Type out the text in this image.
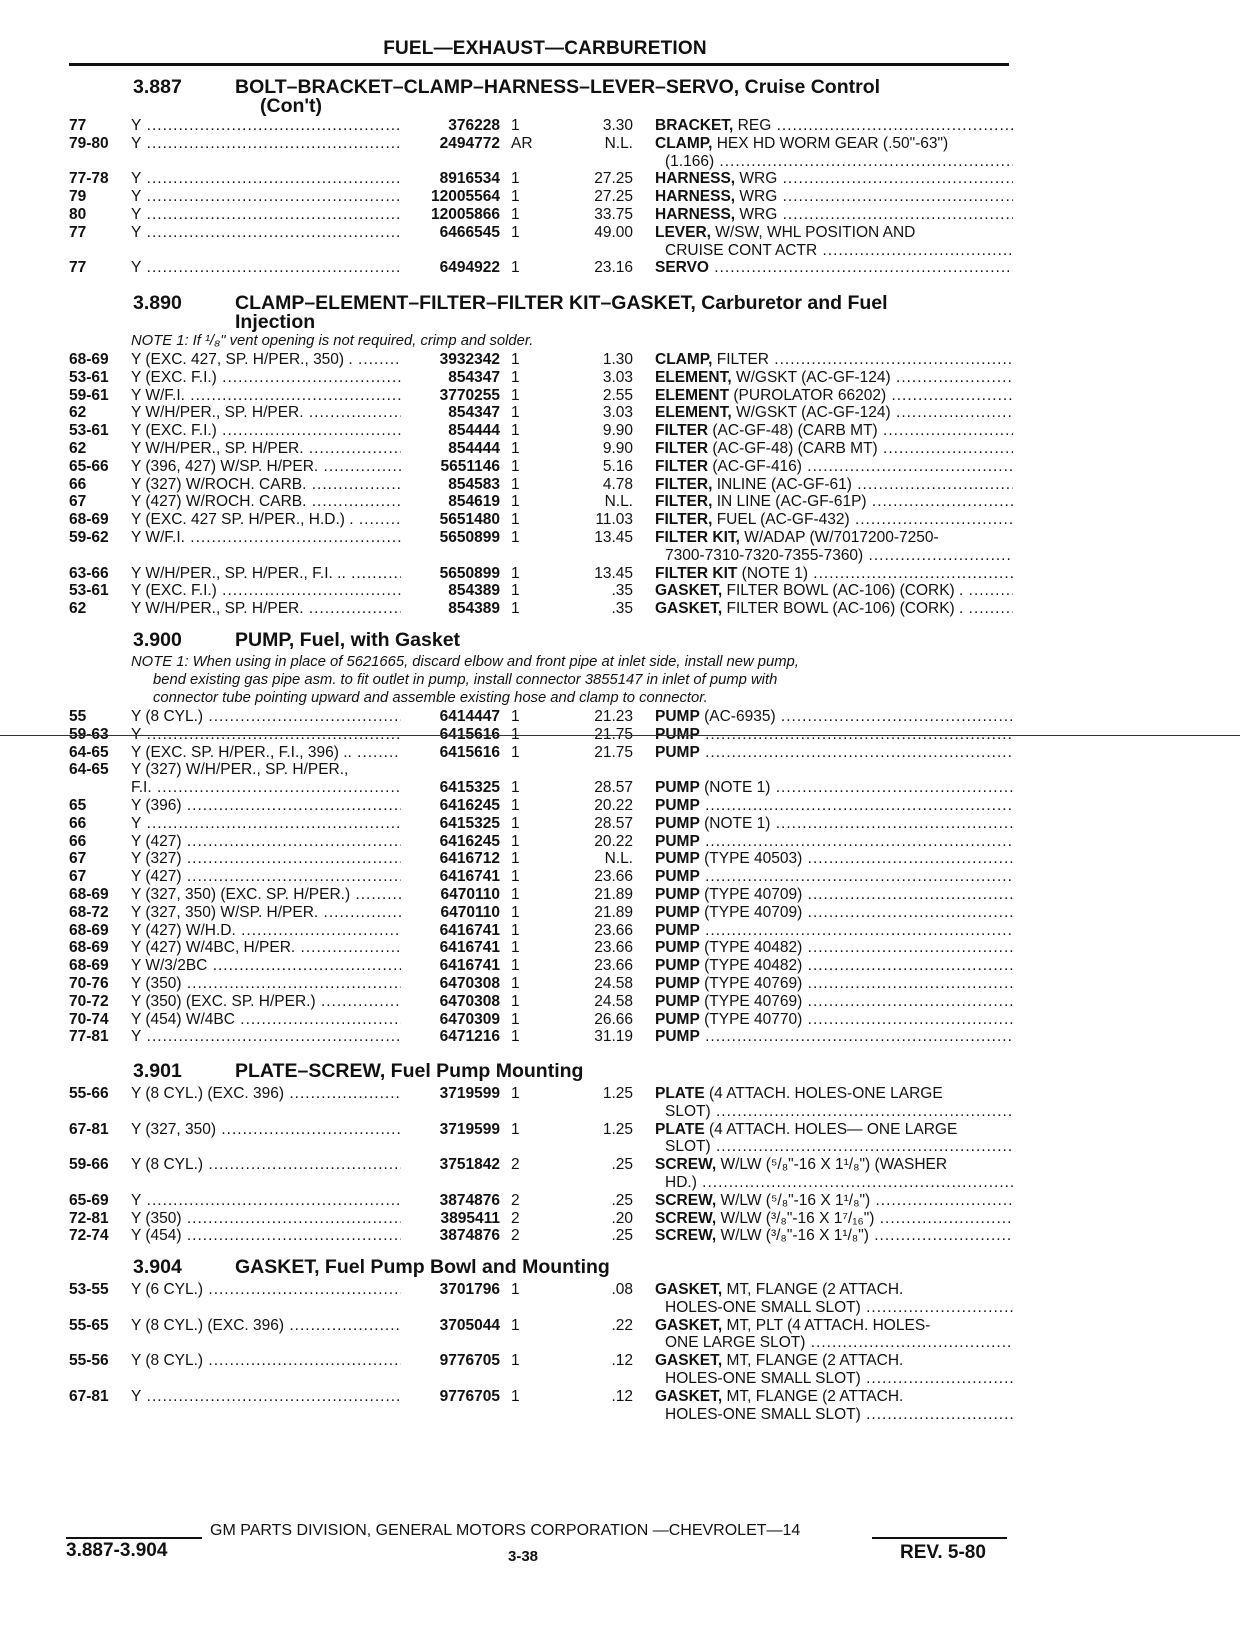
FUEL—EXHAUST—CARBURETION
3.887	BOLT–BRACKET–CLAMP–HARNESS–LEVER–SERVO, Cruise Control
(Con't)
77	Y .....	376228 1	3.30 BRACKET, REG .....
79-80	Y .....	2494772 AR	N.L. CLAMP, HEX HD WORM GEAR (.50"-63")
(1.166) .....
77-78	Y .....	8916534 1	27.25 HARNESS, WRG .....
79	Y .....	12005564 1	27.25 HARNESS, WRG .....
80	Y .....	12005866 1	33.75 HARNESS, WRG .....
77	Y .....	6466545 1	49.00 LEVER, W/SW, WHL POSITION AND
CRUISE CONT ACTR .....
77	Y .....	6494922 1	23.16 SERVO .....
3.890	CLAMP–ELEMENT–FILTER–FILTER KIT–GASKET, Carburetor and Fuel
Injection
NOTE 1: If ¹/₈" vent opening is not required, crimp and solder.
68-69	Y (EXC. 427, SP. H/PER., 350) . .....	3932342 1	1.30 CLAMP, FILTER .....
53-61	Y (EXC. F.I.) .....	854347 1	3.03 ELEMENT, W/GSKT (AC-GF-124) .....
59-61	Y W/F.I. .....	3770255 1	2.55 ELEMENT (PUROLATOR 66202) .....
62	Y W/H/PER., SP. H/PER. .....	854347 1	3.03 ELEMENT, W/GSKT (AC-GF-124) .....
53-61	Y (EXC. F.I.) .....	854444 1	9.90 FILTER (AC-GF-48) (CARB MT) .....
62	Y W/H/PER., SP. H/PER. .....	854444 1	9.90 FILTER (AC-GF-48) (CARB MT) .....
65-66	Y (396, 427) W/SP. H/PER. .....	5651146 1	5.16 FILTER (AC-GF-416) .....
66	Y (327) W/ROCH. CARB. .....	854583 1	4.78 FILTER, INLINE (AC-GF-61) .....
67	Y (427) W/ROCH. CARB. .....	854619 1	N.L. FILTER, IN LINE (AC-GF-61P) .....
68-69	Y (EXC. 427 SP. H/PER., H.D.) . .....	5651480 1	11.03 FILTER, FUEL (AC-GF-432) .....
59-62	Y W/F.I. .....	5650899 1	13.45 FILTER KIT, W/ADAP (W/7017200-7250-
7300-7310-7320-7355-7360) .....
63-66	Y W/H/PER., SP. H/PER., F.I. .. .....	5650899 1	13.45 FILTER KIT (NOTE 1) .....
53-61	Y (EXC. F.I.) .....	854389 1	.35 GASKET, FILTER BOWL (AC-106) (CORK) . .....
62	Y W/H/PER., SP. H/PER. .....	854389 1	.35 GASKET, FILTER BOWL (AC-106) (CORK) . .....
3.900	PUMP, Fuel, with Gasket
NOTE 1: When using in place of 5621665, discard elbow and front pipe at inlet side, install new pump,
bend existing gas pipe asm. to fit outlet in pump, install connector 3855147 in inlet of pump with
connector tube pointing upward and assemble existing hose and clamp to connector.
55	Y (8 CYL.) .....	6414447 1	21.23 PUMP (AC-6935) .....
59-63	Y .....	6415616 1	21.75 PUMP .....
64-65	Y (EXC. SP. H/PER., F.I., 396) .. .....	6415616 1	21.75 PUMP .....
64-65	Y (327) W/H/PER., SP. H/PER.,
F.I. .....	6415325 1	28.57 PUMP (NOTE 1) .....
65	Y (396) .....	6416245 1	20.22 PUMP .....
66	Y .....	6415325 1	28.57 PUMP (NOTE 1) .....
66	Y (427) .....	6416245 1	20.22 PUMP .....
67	Y (327) .....	6416712 1	N.L. PUMP (TYPE 40503) .....
67	Y (427) .....	6416741 1	23.66 PUMP .....
68-69	Y (327, 350) (EXC. SP. H/PER.) .....	6470110 1	21.89 PUMP (TYPE 40709) .....
68-72	Y (327, 350) W/SP. H/PER. .....	6470110 1	21.89 PUMP (TYPE 40709) .....
68-69	Y (427) W/H.D. .....	6416741 1	23.66 PUMP .....
68-69	Y (427) W/4BC, H/PER. .....	6416741 1	23.66 PUMP (TYPE 40482) .....
68-69	Y W/3/2BC .....	6416741 1	23.66 PUMP (TYPE 40482) .....
70-76	Y (350) .....	6470308 1	24.58 PUMP (TYPE 40769) .....
70-72	Y (350) (EXC. SP. H/PER.) .....	6470308 1	24.58 PUMP (TYPE 40769) .....
70-74	Y (454) W/4BC .....	6470309 1	26.66 PUMP (TYPE 40770) .....
77-81	Y .....	6471216 1	31.19 PUMP .....
3.901	PLATE–SCREW, Fuel Pump Mounting
55-66	Y (8 CYL.) (EXC. 396) .....	3719599 1	1.25 PLATE (4 ATTACH. HOLES-ONE LARGE
SLOT) .....
67-81	Y (327, 350) .....	3719599 1	1.25 PLATE (4 ATTACH. HOLES— ONE LARGE
SLOT) .....
59-66	Y (8 CYL.) .....	3751842 2	.25 SCREW, W/LW (⁵/₈"-16 X 1¹/₈") (WASHER
HD.) .....
65-69	Y .....	3874876 2	.25 SCREW, W/LW (⁵/₈"-16 X 1¹/₈") .....
72-81	Y (350) .....	3895411 2	.20 SCREW, W/LW (³/₈"-16 X 1⁷/₁₆") .....
72-74	Y (454) .....	3874876 2	.25 SCREW, W/LW (³/₈"-16 X 1¹/₈") .....
3.904	GASKET, Fuel Pump Bowl and Mounting
53-55	Y (6 CYL.) .....	3701796 1	.08 GASKET, MT, FLANGE (2 ATTACH.
HOLES-ONE SMALL SLOT) .....
55-65	Y (8 CYL.) (EXC. 396) .....	3705044 1	.22 GASKET, MT, PLT (4 ATTACH. HOLES-
ONE LARGE SLOT) .....
55-56	Y (8 CYL.) .....	9776705 1	.12 GASKET, MT, FLANGE (2 ATTACH.
HOLES-ONE SMALL SLOT) .....
67-81	Y .....	9776705 1	.12 GASKET, MT, FLANGE (2 ATTACH.
HOLES-ONE SMALL SLOT) .....
GM PARTS DIVISION, GENERAL MOTORS CORPORATION —CHEVROLET—14
3.887-3.904	3-38	REV. 5-80
